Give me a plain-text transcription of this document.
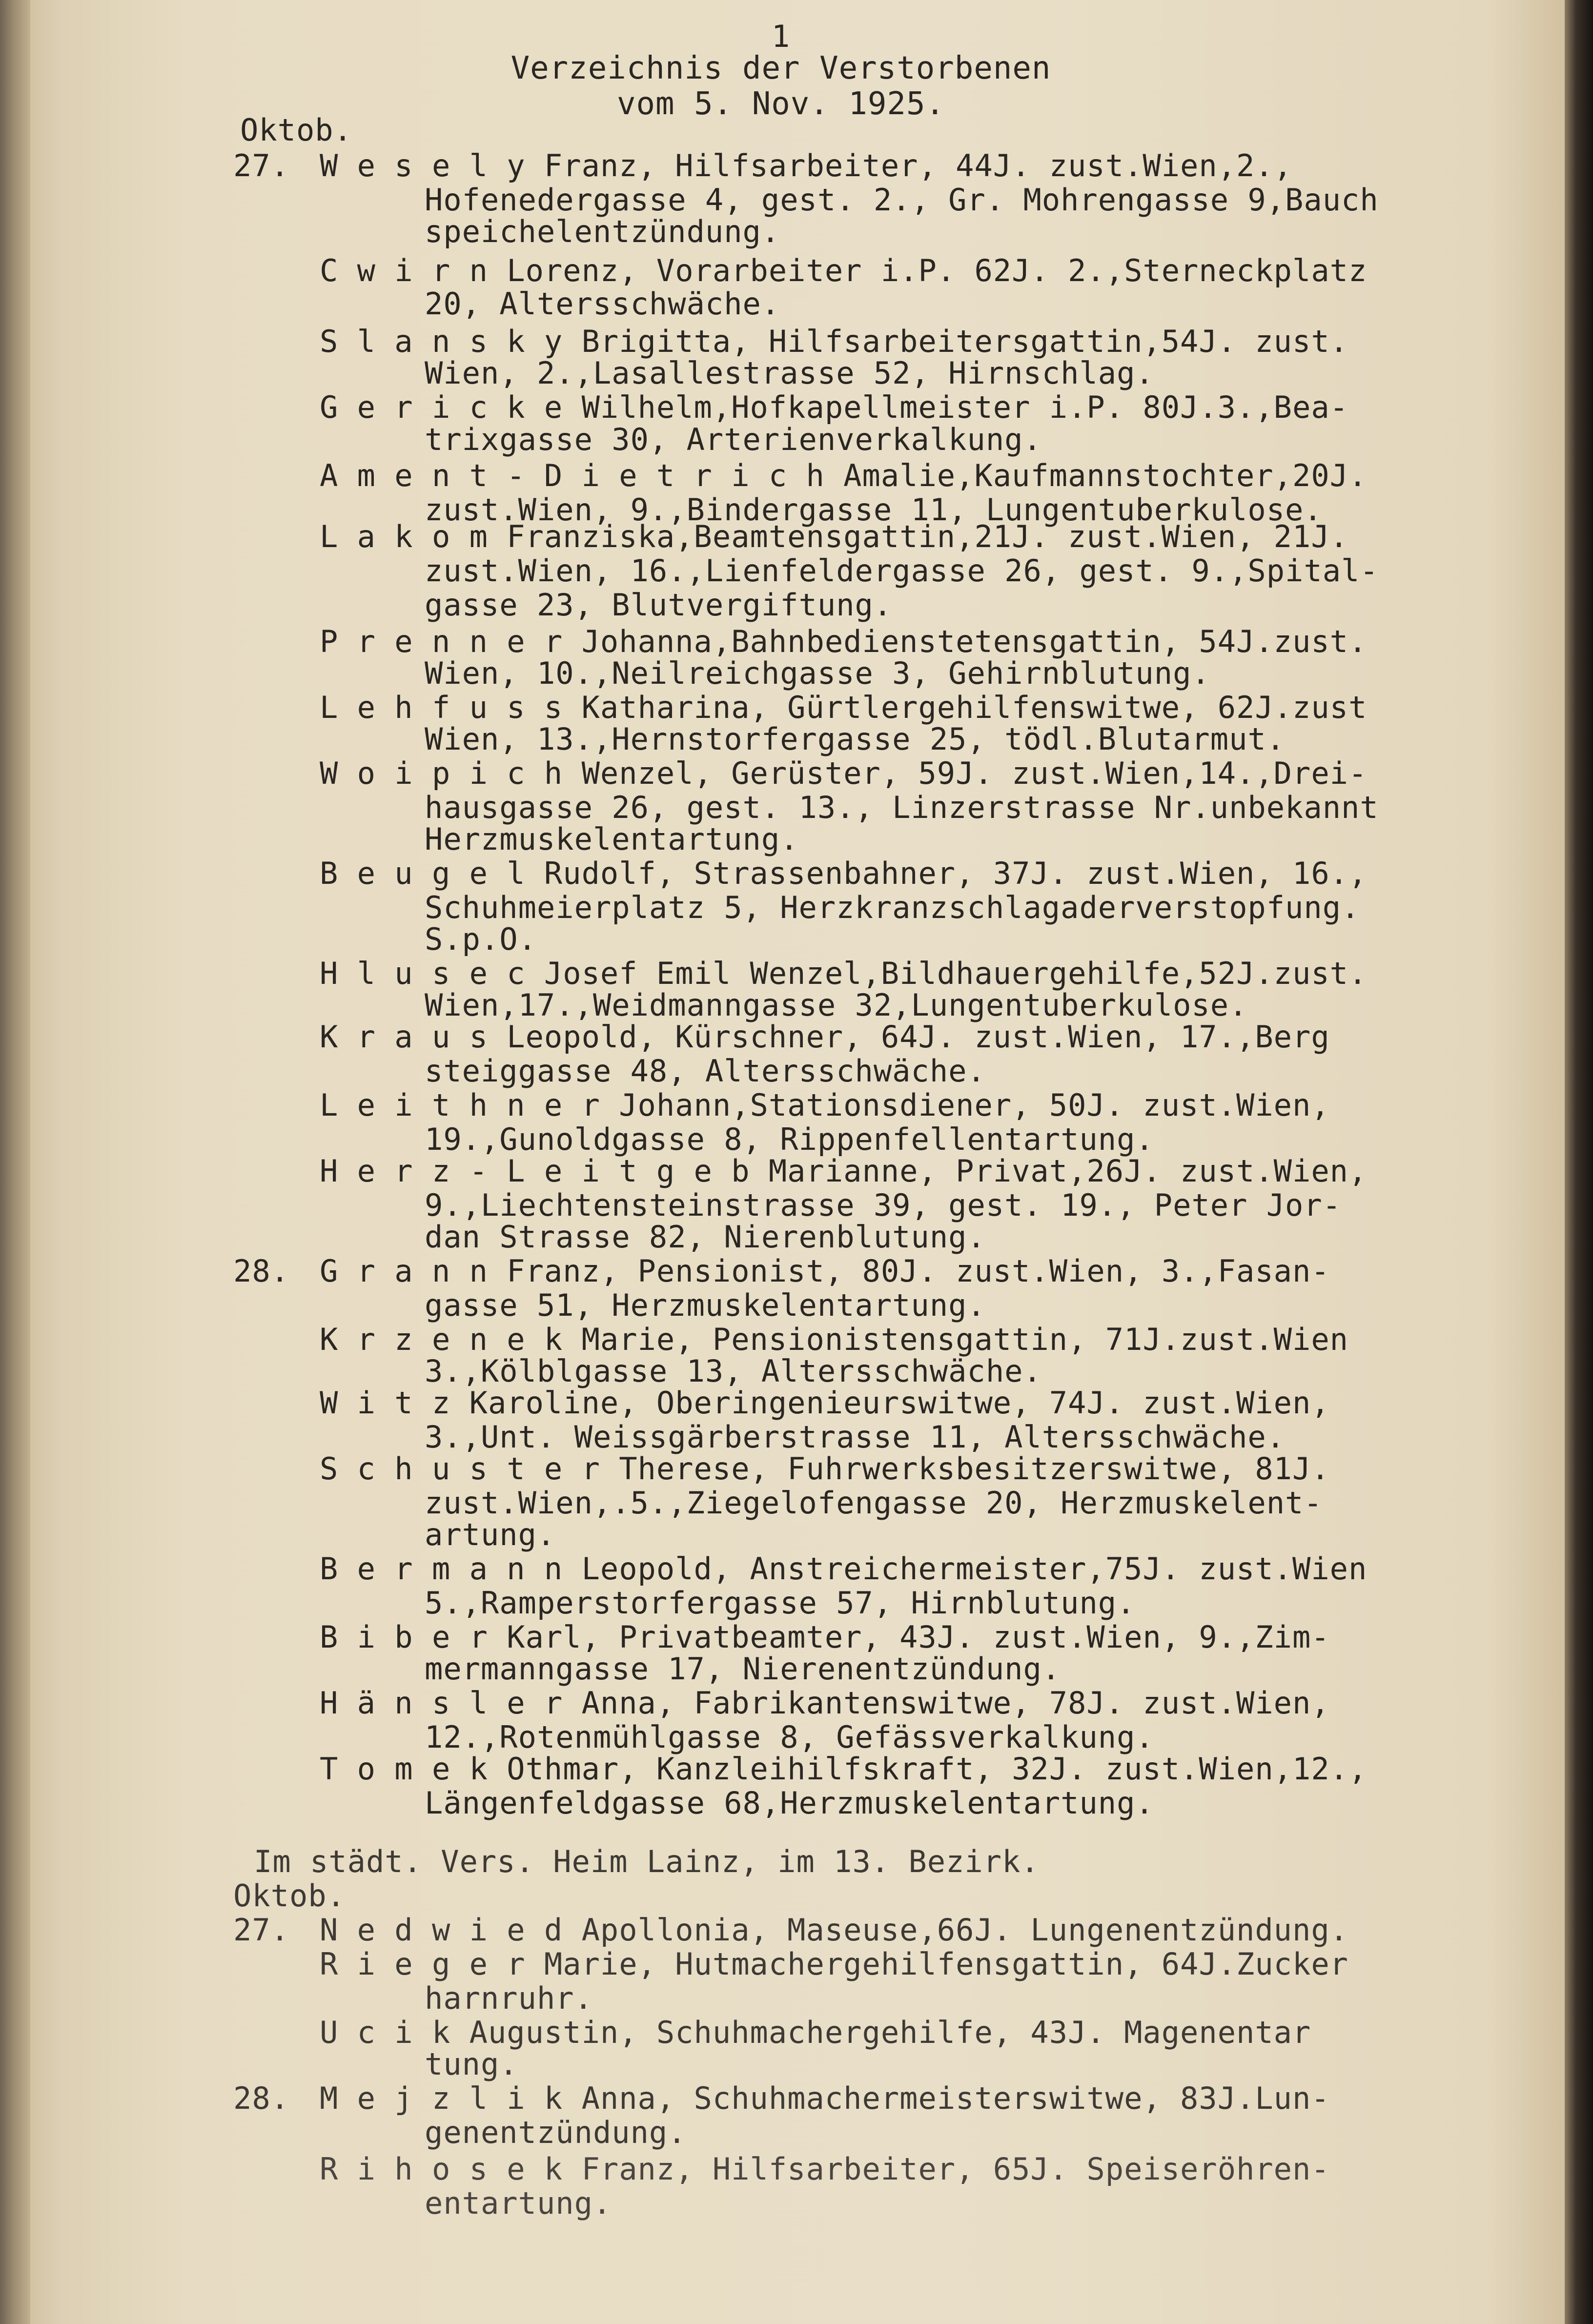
1

Verzeichnis der Verstorbenen

vom 5. Nov. 1925.

Oktob.

27. W e s e l y Franz, Hilfsarbeiter, 44J. zust.Wien,2.,

Hofenedergasse 4, gest. 2., Gr. Mohrengasse 9,Bauch

speichelentzündung.

C w i r n Lorenz, Vorarbeiter i.P. 62J. 2.,Sterneckplatz

20, Altersschwäche.

S l a n s k y Brigitta, Hilfsarbeitersgattin,54J. zust.

Wien, 2.,Lasallestrasse 52, Hirnschlag.

G e r i c k e Wilhelm,Hofkapellmeister i.P. 80J.3.,Bea-

trixgasse 30, Arterienverkalkung.

A m e n t - D i e t r i c h Amalie,Kaufmannstochter,20J.

zust.Wien, 9.,Bindergasse 11, Lungentuberkulose.

L a k o m Franziska,Beamtensgattin,21J. zust.Wien, 21J.

zust.Wien, 16.,Lienfeldergasse 26, gest. 9.,Spital-

gasse 23, Blutvergiftung.

P r e n n e r Johanna,Bahnbedienstetensgattin, 54J.zust.

Wien, 10.,Neilreichgasse 3, Gehirnblutung.

L e h f u s s Katharina, Gürtlergehilfenswitwe, 62J.zust

Wien, 13.,Hernstorfergasse 25, tödl.Blutarmut.

W o i p i c h Wenzel, Gerüster, 59J. zust.Wien,14.,Drei-

hausgasse 26, gest. 13., Linzerstrasse Nr.unbekannt

Herzmuskelentartung.

B e u g e l Rudolf, Strassenbahner, 37J. zust.Wien, 16.,

Schuhmeierplatz 5, Herzkranzschlagaderverstopfung.

S.p.O.

H l u s e c Josef Emil Wenzel,Bildhauergehilfe,52J.zust.

Wien,17.,Weidmanngasse 32,Lungentuberkulose.

K r a u s Leopold, Kürschner, 64J. zust.Wien, 17.,Berg

steiggasse 48, Altersschwäche.

L e i t h n e r Johann,Stationsdiener, 50J. zust.Wien,

19.,Gunoldgasse 8, Rippenfellentartung.

H e r z - L e i t g e b Marianne, Privat,26J. zust.Wien,

9.,Liechtensteinstrasse 39, gest. 19., Peter Jor-

dan Strasse 82, Nierenblutung.

28. G r a n n Franz, Pensionist, 80J. zust.Wien, 3.,Fasan-

gasse 51, Herzmuskelentartung.

K r z e n e k Marie, Pensionistensgattin, 71J.zust.Wien

3.,Kölblgasse 13, Altersschwäche.

W i t z Karoline, Oberingenieurswitwe, 74J. zust.Wien,

3.,Unt. Weissgärberstrasse 11, Altersschwäche.

S c h u s t e r Therese, Fuhrwerksbesitzerswitwe, 81J.

zust.Wien,.5.,Ziegelofengasse 20, Herzmuskelent-

artung.

B e r m a n n Leopold, Anstreichermeister,75J. zust.Wien

5.,Ramperstorfergasse 57, Hirnblutung.

B i b e r Karl, Privatbeamter, 43J. zust.Wien, 9.,Zim-

mermanngasse 17, Nierenentzündung.

H ä n s l e r Anna, Fabrikantenswitwe, 78J. zust.Wien,

12.,Rotenmühlgasse 8, Gefässverkalkung.

T o m e k Othmar, Kanzleihilfskraft, 32J. zust.Wien,12.,

Längenfeldgasse 68,Herzmuskelentartung.

Im städt. Vers. Heim Lainz, im 13. Bezirk.

Oktob.

27. N e d w i e d Apollonia, Maseuse,66J. Lungenentzündung.

R i e g e r Marie, Hutmachergehilfensgattin, 64J.Zucker

harnruhr.

U c i k Augustin, Schuhmachergehilfe, 43J. Magenentar

tung.

28. M e j z l i k Anna, Schuhmachermeisterswitwe, 83J.Lun-

genentzündung.

R i h o s e k Franz, Hilfsarbeiter, 65J. Speiseröhren-

entartung.
